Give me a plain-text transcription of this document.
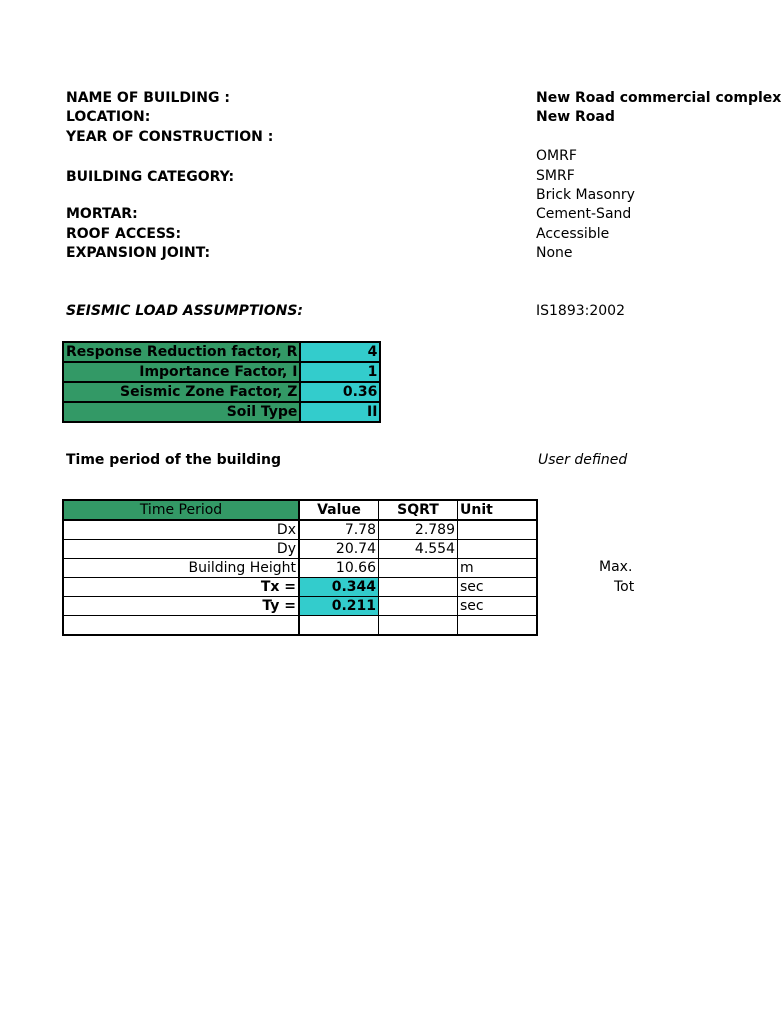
NAME OF BUILDING :	New Road commercial complex
LOCATION:	New Road
YEAR OF CONSTRUCTION :
OMRF
BUILDING CATEGORY:	SMRF
Brick Masonry
MORTAR:	Cement-Sand
ROOF ACCESS:	Accessible
EXPANSION JOINT:	None
SEISMIC LOAD ASSUMPTIONS:	IS1893:2002
Response Reduction factor, R	4
Importance Factor, I	1
Seismic Zone Factor, Z	0.36
Soil Type	II
Time period of the building	User defined
Time Period	Value	SQRT	Unit
Dx	7.78	2.789	
Dy	20.74	4.554	
Building Height	10.66		m
Tx =	0.344		sec
Ty =	0.211		sec

Max.
Tot
